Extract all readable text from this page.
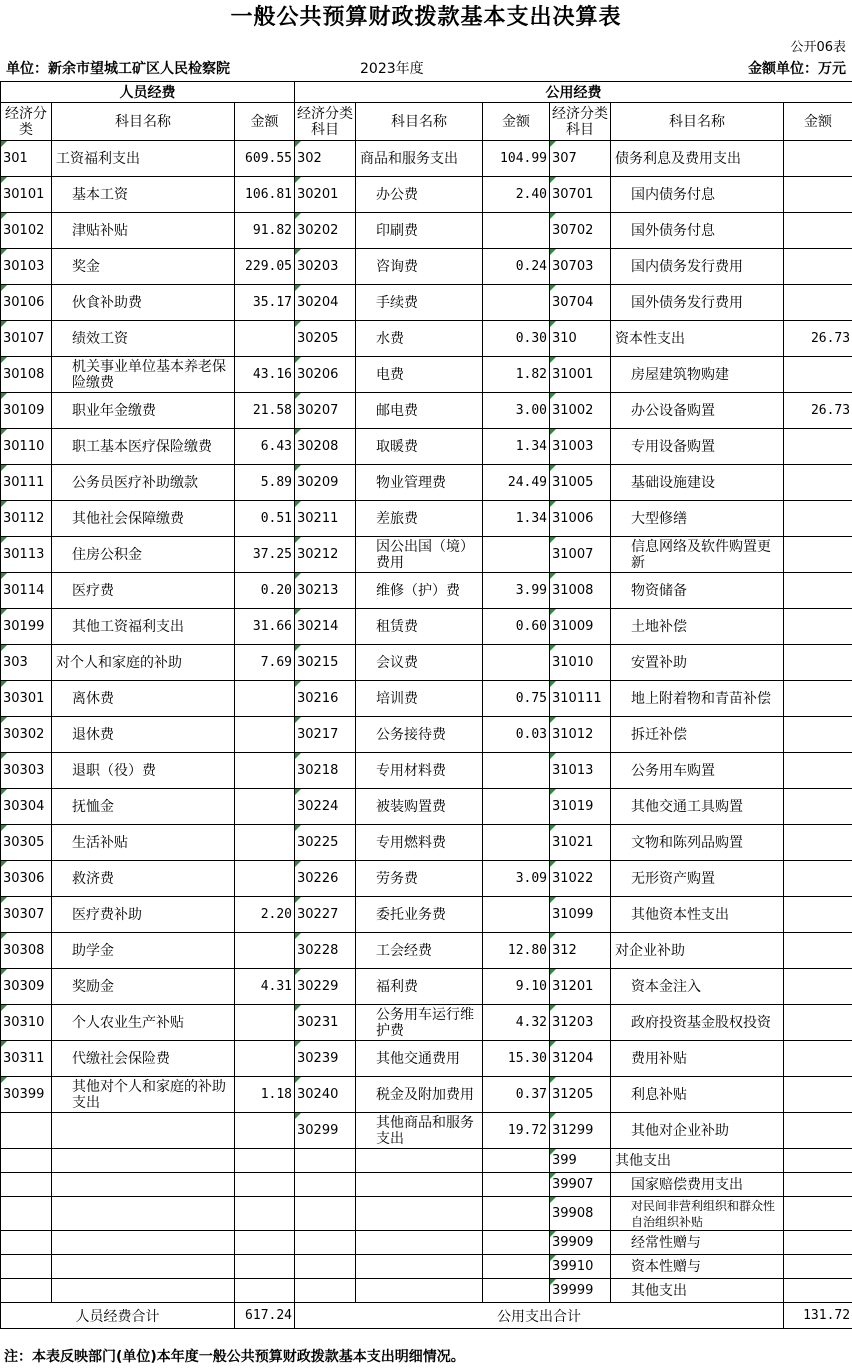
一般公共预算财政拨款基本支出决算表
公开06表
单位：新余市望城工矿区人民检察院	2023年度	金额单位：万元
人员经费			公用经费					
经济分类	科目名称	金额	经济分类科目	科目名称	金额	经济分类科目	科目名称	金额
301	工资福利支出	609.55	302	商品和服务支出	104.99	307	债务利息及费用支出	
30101	基本工资	106.81	30201	办公费	2.40	30701	国内债务付息	
30102	津贴补贴	91.82	30202	印刷费		30702	国外债务付息	
30103	奖金	229.05	30203	咨询费	0.24	30703	国内债务发行费用	
30106	伙食补助费	35.17	30204	手续费		30704	国外债务发行费用	
30107	绩效工资		30205	水费	0.30	310	资本性支出	26.73
30108	机关事业单位基本养老保险缴费	43.16	30206	电费	1.82	31001	房屋建筑物购建	
30109	职业年金缴费	21.58	30207	邮电费	3.00	31002	办公设备购置	26.73
30110	职工基本医疗保险缴费	6.43	30208	取暖费	1.34	31003	专用设备购置	
30111	公务员医疗补助缴款	5.89	30209	物业管理费	24.49	31005	基础设施建设	
30112	其他社会保障缴费	0.51	30211	差旅费	1.34	31006	大型修缮	
30113	住房公积金	37.25	30212	因公出国（境）费用		31007	信息网络及软件购置更新	
30114	医疗费	0.20	30213	维修（护）费	3.99	31008	物资储备	
30199	其他工资福利支出	31.66	30214	租赁费	0.60	31009	土地补偿	
303	对个人和家庭的补助	7.69	30215	会议费		31010	安置补助	
30301	离休费		30216	培训费	0.75	310111	地上附着物和青苗补偿	
30302	退休费		30217	公务接待费	0.03	31012	拆迁补偿	
30303	退职（役）费		30218	专用材料费		31013	公务用车购置	
30304	抚恤金		30224	被装购置费		31019	其他交通工具购置	
30305	生活补贴		30225	专用燃料费		31021	文物和陈列品购置	
30306	救济费		30226	劳务费	3.09	31022	无形资产购置	
30307	医疗费补助	2.20	30227	委托业务费		31099	其他资本性支出	
30308	助学金		30228	工会经费	12.80	312	对企业补助	
30309	奖励金	4.31	30229	福利费	9.10	31201	资本金注入	
30310	个人农业生产补贴		30231	公务用车运行维护费	4.32	31203	政府投资基金股权投资	
30311	代缴社会保险费		30239	其他交通费用	15.30	31204	费用补贴	
30399	其他对个人和家庭的补助支出	1.18	30240	税金及附加费用	0.37	31205	利息补贴	
			30299	其他商品和服务支出	19.72	31299	其他对企业补助	
						399	其他支出	
						39907	国家赔偿费用支出	
						39908	对民间非营利组织和群众性自治组织补贴	
						39909	经常性赠与	
						39910	资本性赠与	
						39999	其他支出	
人员经费合计		617.24	公用支出合计					131.72
注：本表反映部门(单位)本年度一般公共预算财政拨款基本支出明细情况。
